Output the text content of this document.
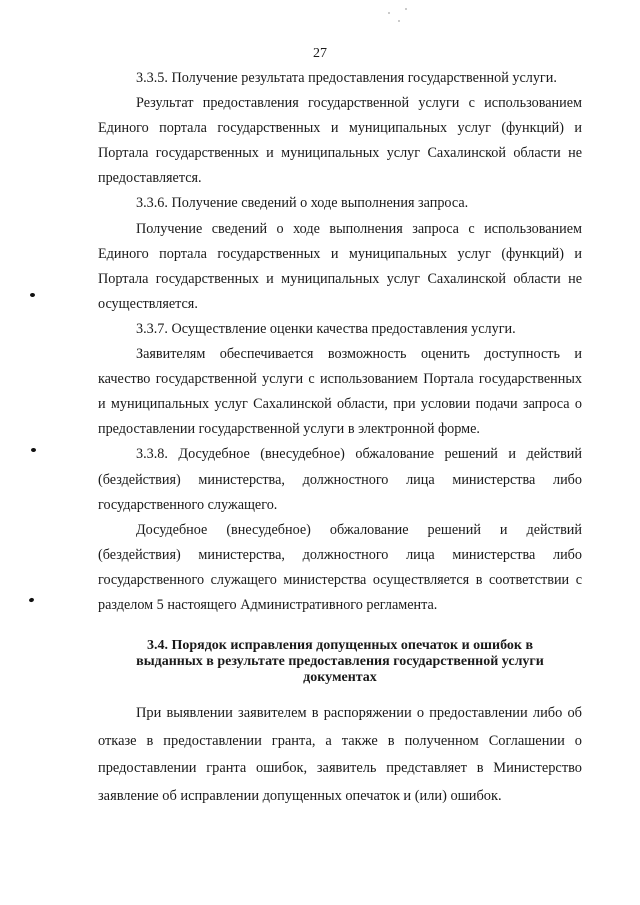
27

3.3.5. Получение результата предоставления государственной услуги.

Результат предоставления государственной услуги с использованием Единого портала государственных и муниципальных услуг (функций) и Портала государственных и муниципальных услуг Сахалинской области не предоставляется.

3.3.6. Получение сведений о ходе выполнения запроса.

Получение сведений о ходе выполнения запроса с использованием Единого портала государственных и муниципальных услуг (функций) и Портала государственных и муниципальных услуг Сахалинской области не осуществляется.

3.3.7. Осуществление оценки качества предоставления услуги.

Заявителям обеспечивается возможность оценить доступность и качество государственной услуги с использованием Портала государственных и муниципальных услуг Сахалинской области, при условии подачи запроса о предоставлении государственной услуги в электронной форме.

3.3.8. Досудебное (внесудебное) обжалование решений и действий (бездействия) министерства, должностного лица министерства либо государственного служащего.

Досудебное (внесудебное) обжалование решений и действий (бездействия) министерства, должностного лица министерства либо государственного служащего министерства осуществляется в соответствии с разделом 5 настоящего Административного регламента.

3.4. Порядок исправления допущенных опечаток и ошибок в выданных в результате предоставления государственной услуги документах

При выявлении заявителем в распоряжении о предоставлении либо об отказе в предоставлении гранта, а также в полученном Соглашении о предоставлении гранта ошибок, заявитель представляет в Министерство заявление об исправлении допущенных опечаток и (или) ошибок.
